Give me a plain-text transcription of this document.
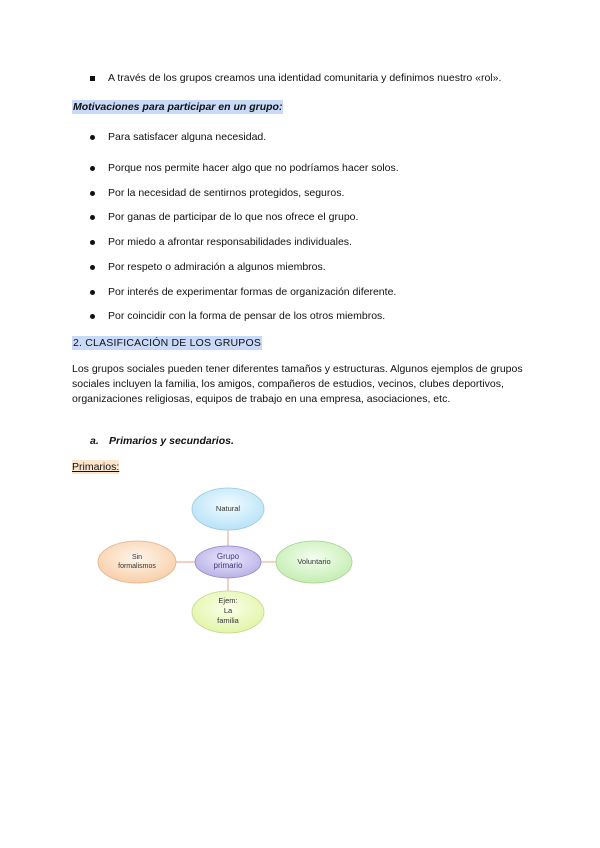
A través de los grupos creamos una identidad comunitaria y definimos nuestro «rol».
Motivaciones para participar en un grupo:
Para satisfacer alguna necesidad.
Porque nos permite hacer algo que no podríamos hacer solos.
Por la necesidad de sentirnos protegidos, seguros.
Por ganas de participar de lo que nos ofrece el grupo.
Por miedo a afrontar responsabilidades individuales.
Por respeto o admiración a algunos miembros.
Por interés de experimentar formas de organización diferente.
Por coincidir con la forma de pensar de los otros miembros.
2. CLASIFICACIÓN DE LOS GRUPOS
Los grupos sociales pueden tener diferentes tamaños y estructuras. Algunos ejemplos de grupos sociales incluyen la familia, los amigos, compañeros de estudios, vecinos, clubes deportivos, organizaciones religiosas, equipos de trabajo en una empresa, asociaciones, etc.
a. Primarios y secundarios.
Primarios:
Natural
Voluntario
Ejem:
La
familia
Sin
formalismos
Grupo
primario
